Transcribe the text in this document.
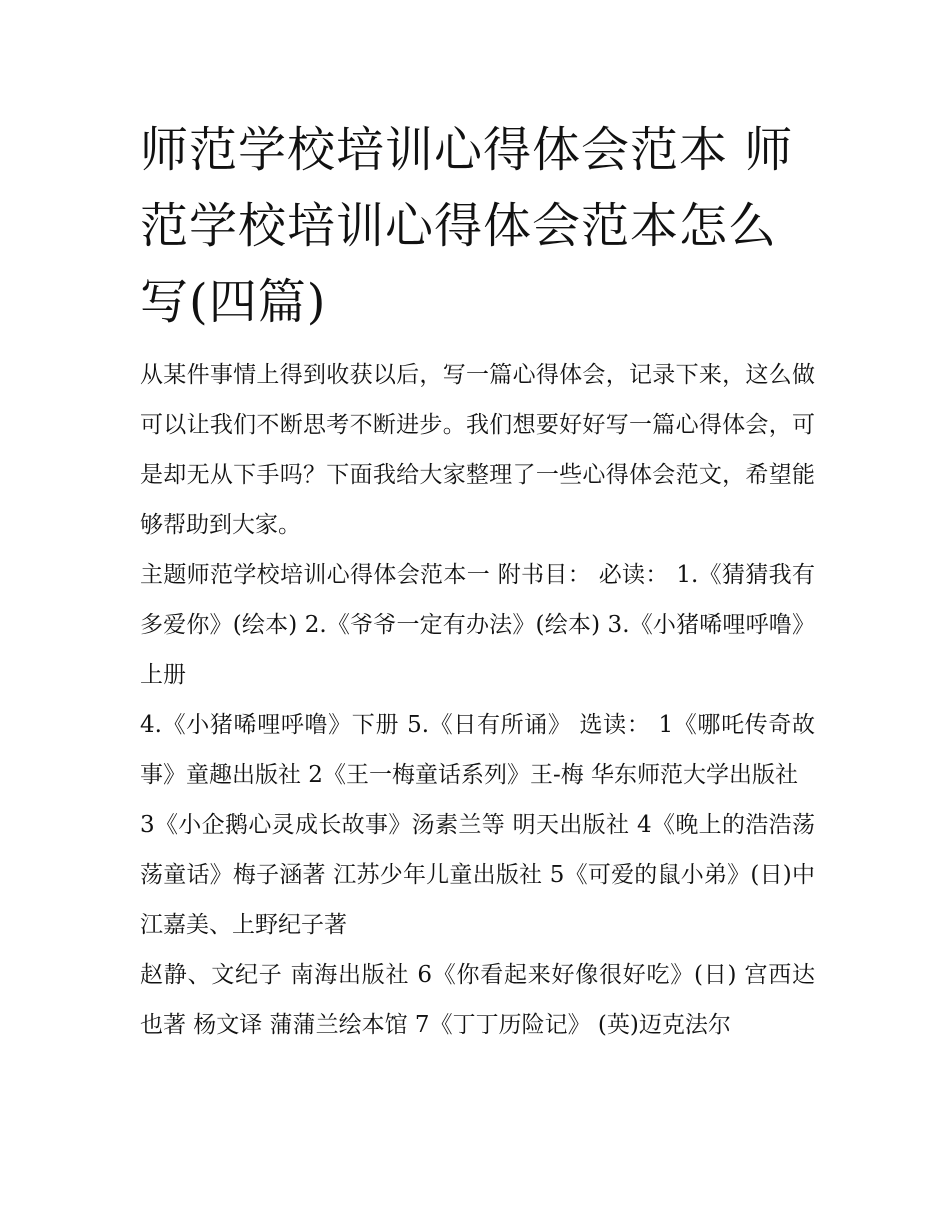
师范学校培训心得体会范本 师范学校培训心得体会范本怎么写(四篇)

从某件事情上得到收获以后，写一篇心得体会，记录下来，这么做可以让我们不断思考不断进步。我们想要好好写一篇心得体会，可是却无从下手吗？下面我给大家整理了一些心得体会范文，希望能够帮助到大家。

主题师范学校培训心得体会范本一 附书目： 必读： 1.《猜猜我有多爱你》(绘本) 2.《爷爷一定有办法》(绘本) 3.《小猪唏哩呼噜》上册

4.《小猪唏哩呼噜》下册 5.《日有所诵》 选读： 1《哪吒传奇故事》童趣出版社 2《王一梅童话系列》王-梅 华东师范大学出版社

3《小企鹅心灵成长故事》汤素兰等 明天出版社 4《晚上的浩浩荡荡童话》梅子涵著 江苏少年儿童出版社 5《可爱的鼠小弟》(日)中江嘉美、上野纪子著

赵静、文纪子 南海出版社 6《你看起来好像很好吃》(日) 宫西达也著 杨文译 蒲蒲兰绘本馆 7《丁丁历险记》 (英)迈克法尔
